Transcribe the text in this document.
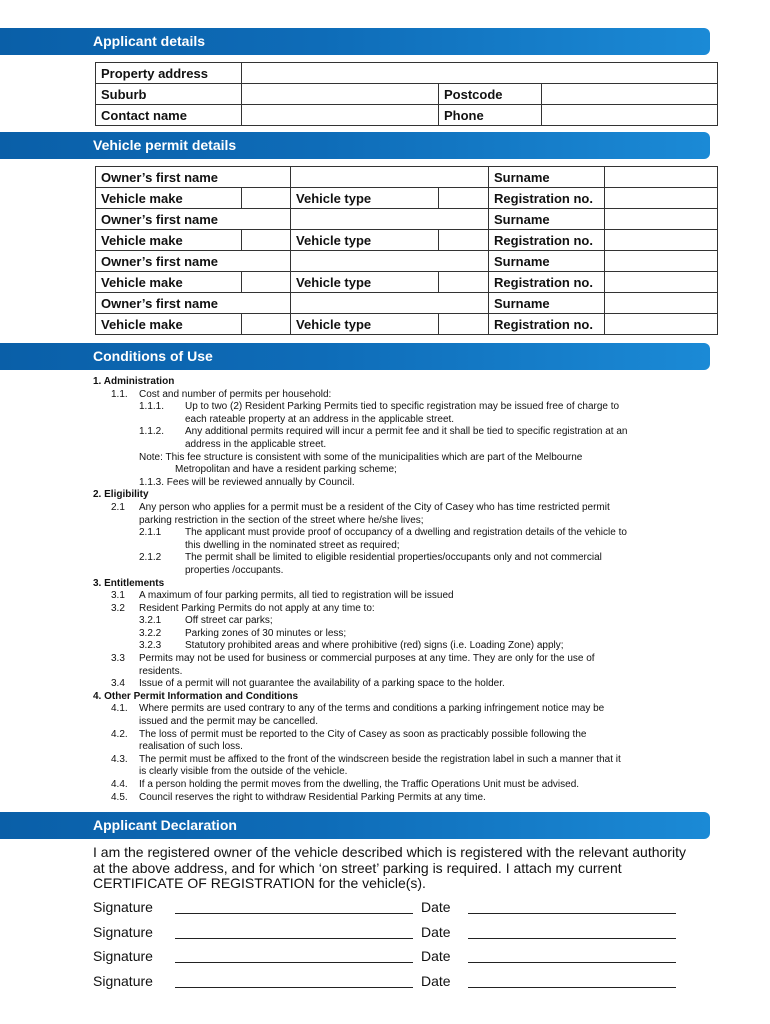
Applicant details
Property address			
Suburb		Postcode	
Contact name		Phone	
Vehicle permit details
Owner’s first name				Surname	
Vehicle make		Vehicle type		Registration no.	
Owner’s first name				Surname	
Vehicle make		Vehicle type		Registration no.	
Owner’s first name				Surname	
Vehicle make		Vehicle type		Registration no.	
Owner’s first name				Surname	
Vehicle make		Vehicle type		Registration no.	
Conditions of Use
1. Administration
1.1. Cost and number of permits per household:
1.1.1. Up to two (2) Resident Parking Permits tied to specific registration may be issued free of charge to
each rateable property at an address in the applicable street.
1.1.2. Any additional permits required will incur a permit fee and it shall be tied to specific registration at an
address in the applicable street.
Note: This fee structure is consistent with some of the municipalities which are part of the Melbourne
Metropolitan and have a resident parking scheme;
1.1.3. Fees will be reviewed annually by Council.
2. Eligibility
2.1 Any person who applies for a permit must be a resident of the City of Casey who has time restricted permit
parking restriction in the section of the street where he/she lives;
2.1.1 The applicant must provide proof of occupancy of a dwelling and registration details of the vehicle to
this dwelling in the nominated street as required;
2.1.2 The permit shall be limited to eligible residential properties/occupants only and not commercial
properties /occupants.
3. Entitlements
3.1 A maximum of four parking permits, all tied to registration will be issued
3.2 Resident Parking Permits do not apply at any time to:
3.2.1 Off street car parks;
3.2.2 Parking zones of 30 minutes or less;
3.2.3 Statutory prohibited areas and where prohibitive (red) signs (i.e. Loading Zone) apply;
3.3 Permits may not be used for business or commercial purposes at any time. They are only for the use of
residents.
3.4 Issue of a permit will not guarantee the availability of a parking space to the holder.
4. Other Permit Information and Conditions
4.1. Where permits are used contrary to any of the terms and conditions a parking infringement notice may be
issued and the permit may be cancelled.
4.2. The loss of permit must be reported to the City of Casey as soon as practicably possible following the
realisation of such loss.
4.3. The permit must be affixed to the front of the windscreen beside the registration label in such a manner that it
is clearly visible from the outside of the vehicle.
4.4. If a person holding the permit moves from the dwelling, the Traffic Operations Unit must be advised.
4.5. Council reserves the right to withdraw Residential Parking Permits at any time.
Applicant Declaration
I am the registered owner of the vehicle described which is registered with the relevant authority
at the above address, and for which ‘on street’ parking is required. I attach my current
CERTIFICATE OF REGISTRATION for the vehicle(s).
Signature	Date
Signature	Date
Signature	Date
Signature	Date
